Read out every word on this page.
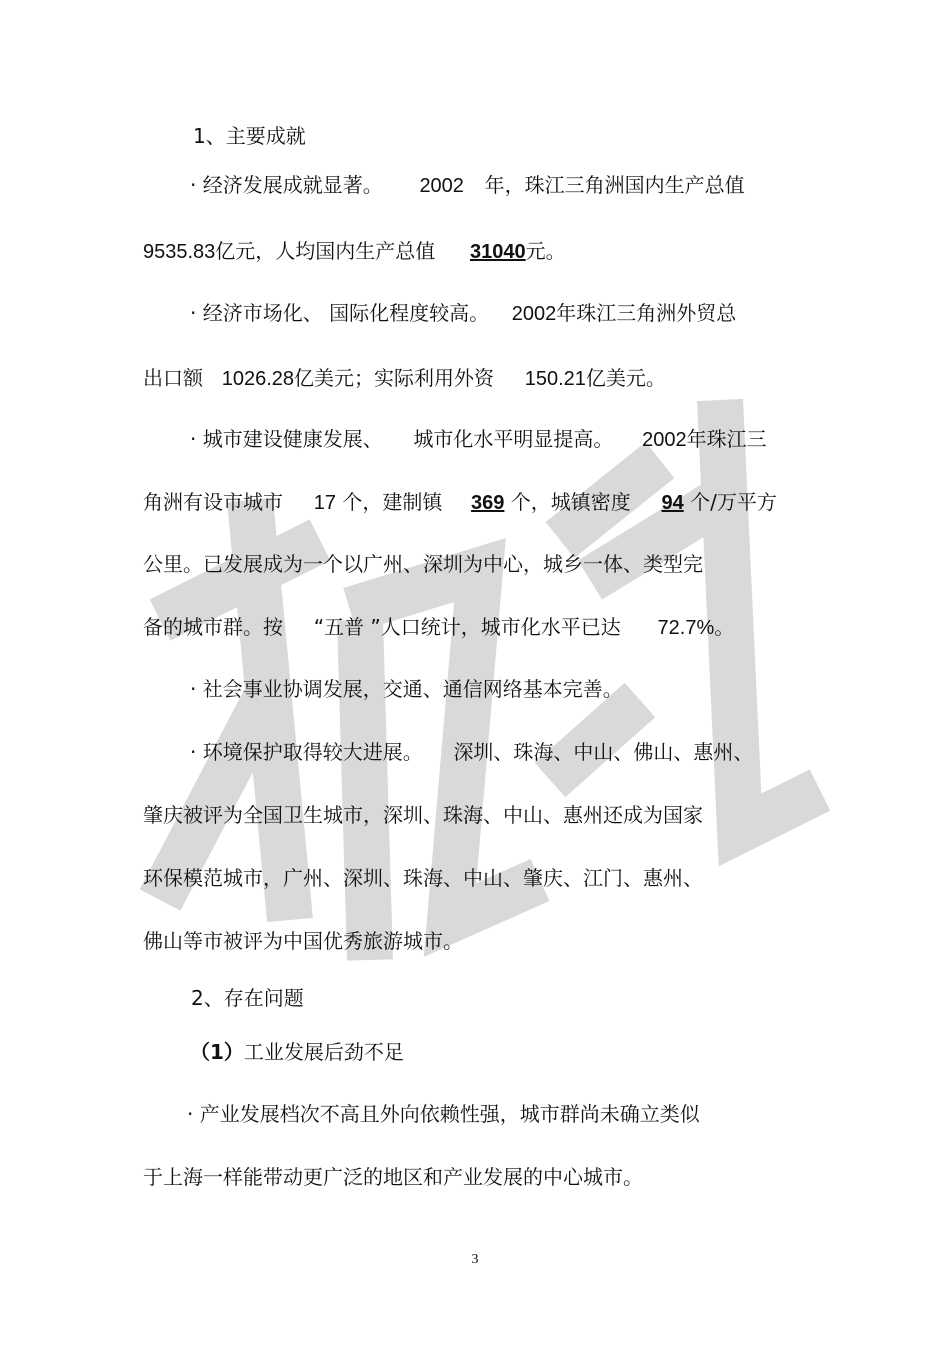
1、主要成就
· 经济发展成就显著。 2002 年，珠江三角洲国内生产总值
9535.83亿元，人均国内生产总值 31040元。
· 经济市场化、 国际化程度较高。 2002年珠江三角洲外贸总
出口额 1026.28亿美元；实际利用外资 150.21亿美元。
· 城市建设健康发展、 城市化水平明显提高。 2002年珠江三
角洲有设市城市 17 个，建制镇 369 个，城镇密度 94 个/万平方
公里。已发展成为一个以广州、深圳为中心，城乡一体、类型完
备的城市群。按 “五普 ”人口统计，城市化水平已达 72.7%。
· 社会事业协调发展，交通、通信网络基本完善。
· 环境保护取得较大进展。 深圳、珠海、中山、佛山、惠州、
肇庆被评为全国卫生城市，深圳、珠海、中山、惠州还成为国家
环保模范城市，广州、深圳、珠海、中山、肇庆、江门、惠州、
佛山等市被评为中国优秀旅游城市。
2、存在问题
（1）工业发展后劲不足
· 产业发展档次不高且外向依赖性强，城市群尚未确立类似
于上海一样能带动更广泛的地区和产业发展的中心城市。
3
